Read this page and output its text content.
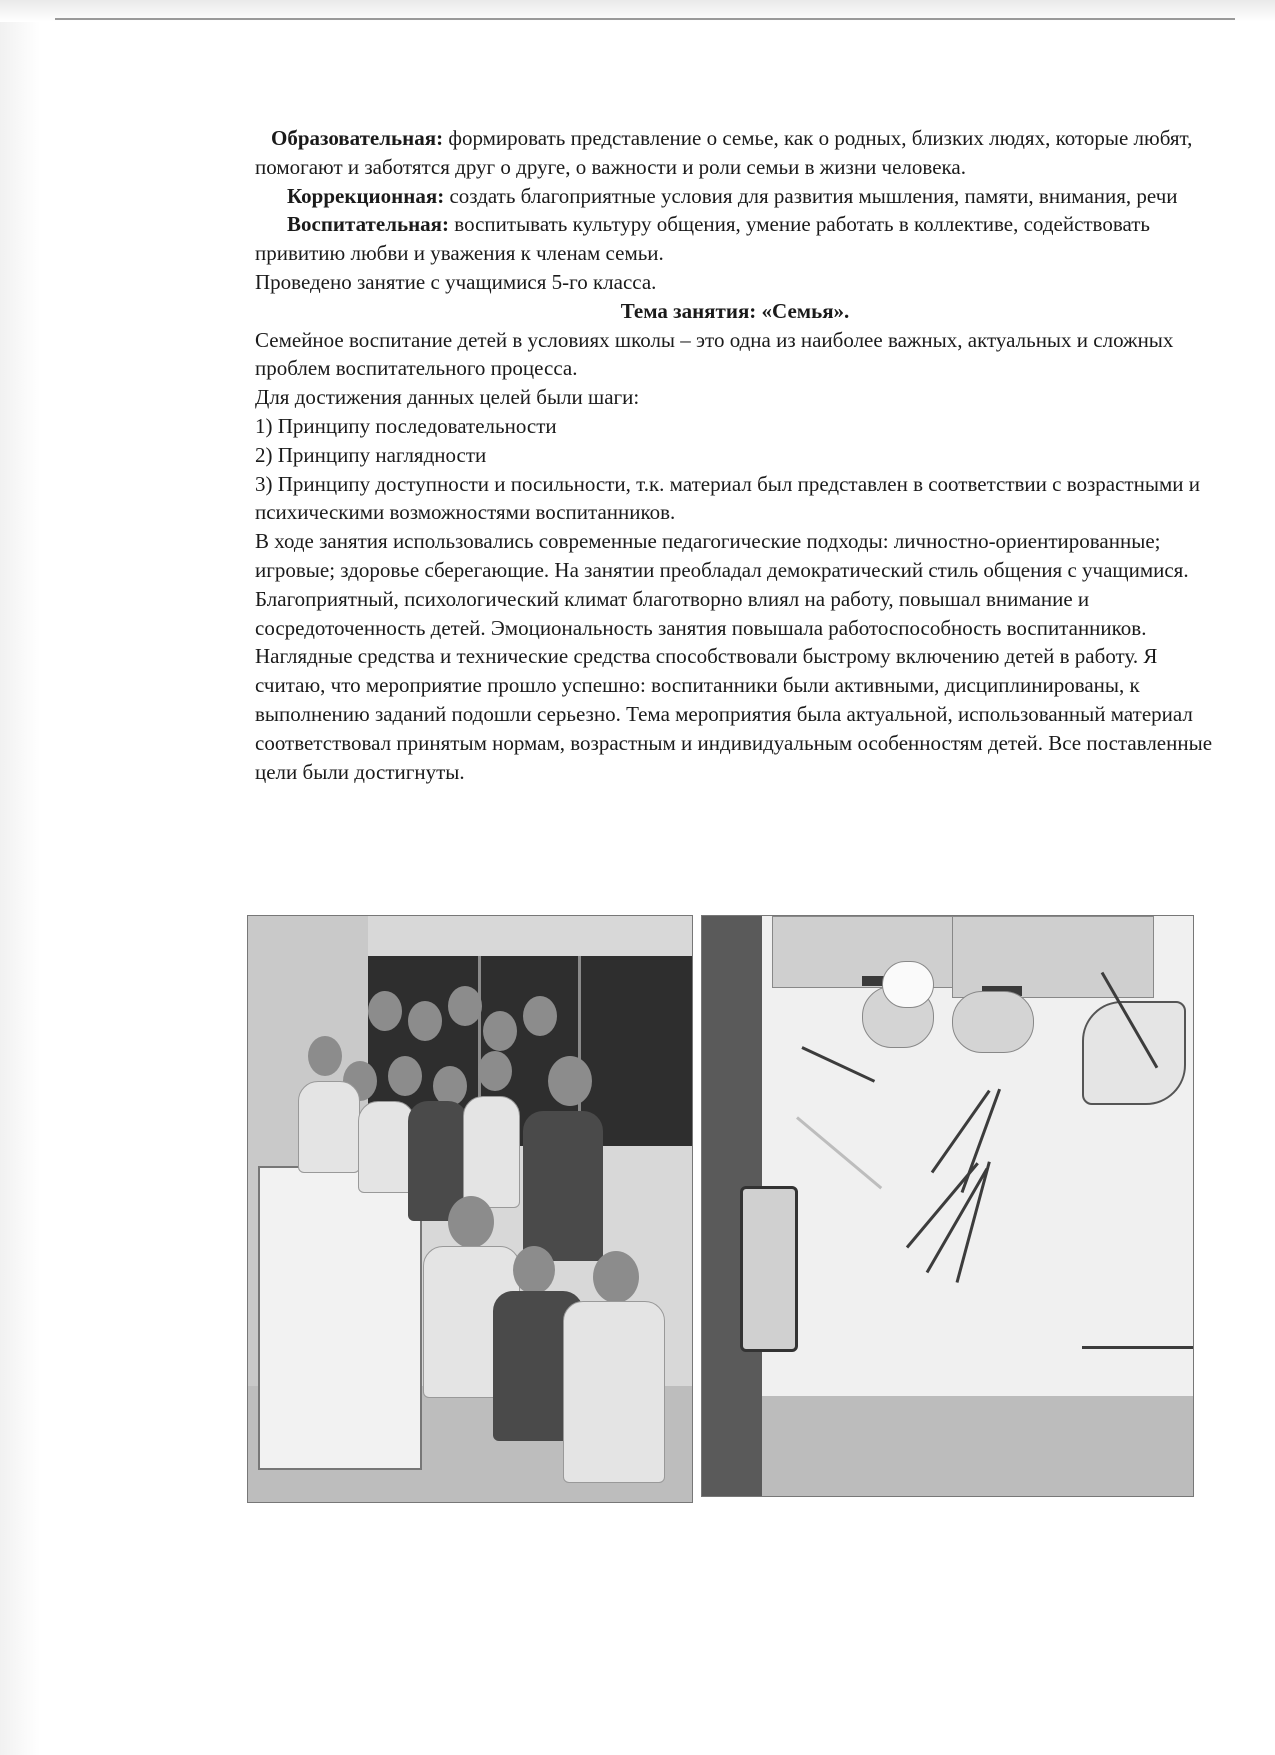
Образовательная: формировать представление о семье, как о родных, близких людях, которые любят, помогают и заботятся друг о друге, о важности и роли семьи в жизни человека.

Коррекционная: создать благоприятные условия для развития мышления, памяти, внимания, речи

Воспитательная: воспитывать культуру общения, умение работать в коллективе, содействовать привитию любви и уважения к членам семьи.

Проведено занятие с учащимися 5-го класса.

Тема занятия: «Семья».

Семейное воспитание детей в условиях школы – это одна из наиболее важных, актуальных и сложных проблем воспитательного процесса.

Для достижения данных целей были шаги:

1) Принципу последовательности

2) Принципу наглядности

3) Принципу доступности и посильности, т.к. материал был представлен в соответствии с возрастными и психическими возможностями воспитанников.

В ходе занятия использовались современные педагогические подходы: личностно-ориентированные; игровые; здоровье сберегающие. На занятии преобладал демократический стиль общения с учащимися. Благоприятный, психологический климат благотворно влиял на работу, повышал внимание и сосредоточенность детей. Эмоциональность занятия повышала работоспособность воспитанников. Наглядные средства и технические средства способствовали быстрому включению детей в работу. Я считаю, что мероприятие прошло успешно: воспитанники были активными, дисциплинированы, к выполнению заданий подошли серьезно. Тема мероприятия была актуальной, использованный материал соответствовал принятым нормам, возрастным и индивидуальным особенностям детей. Все поставленные цели были достигнуты.
